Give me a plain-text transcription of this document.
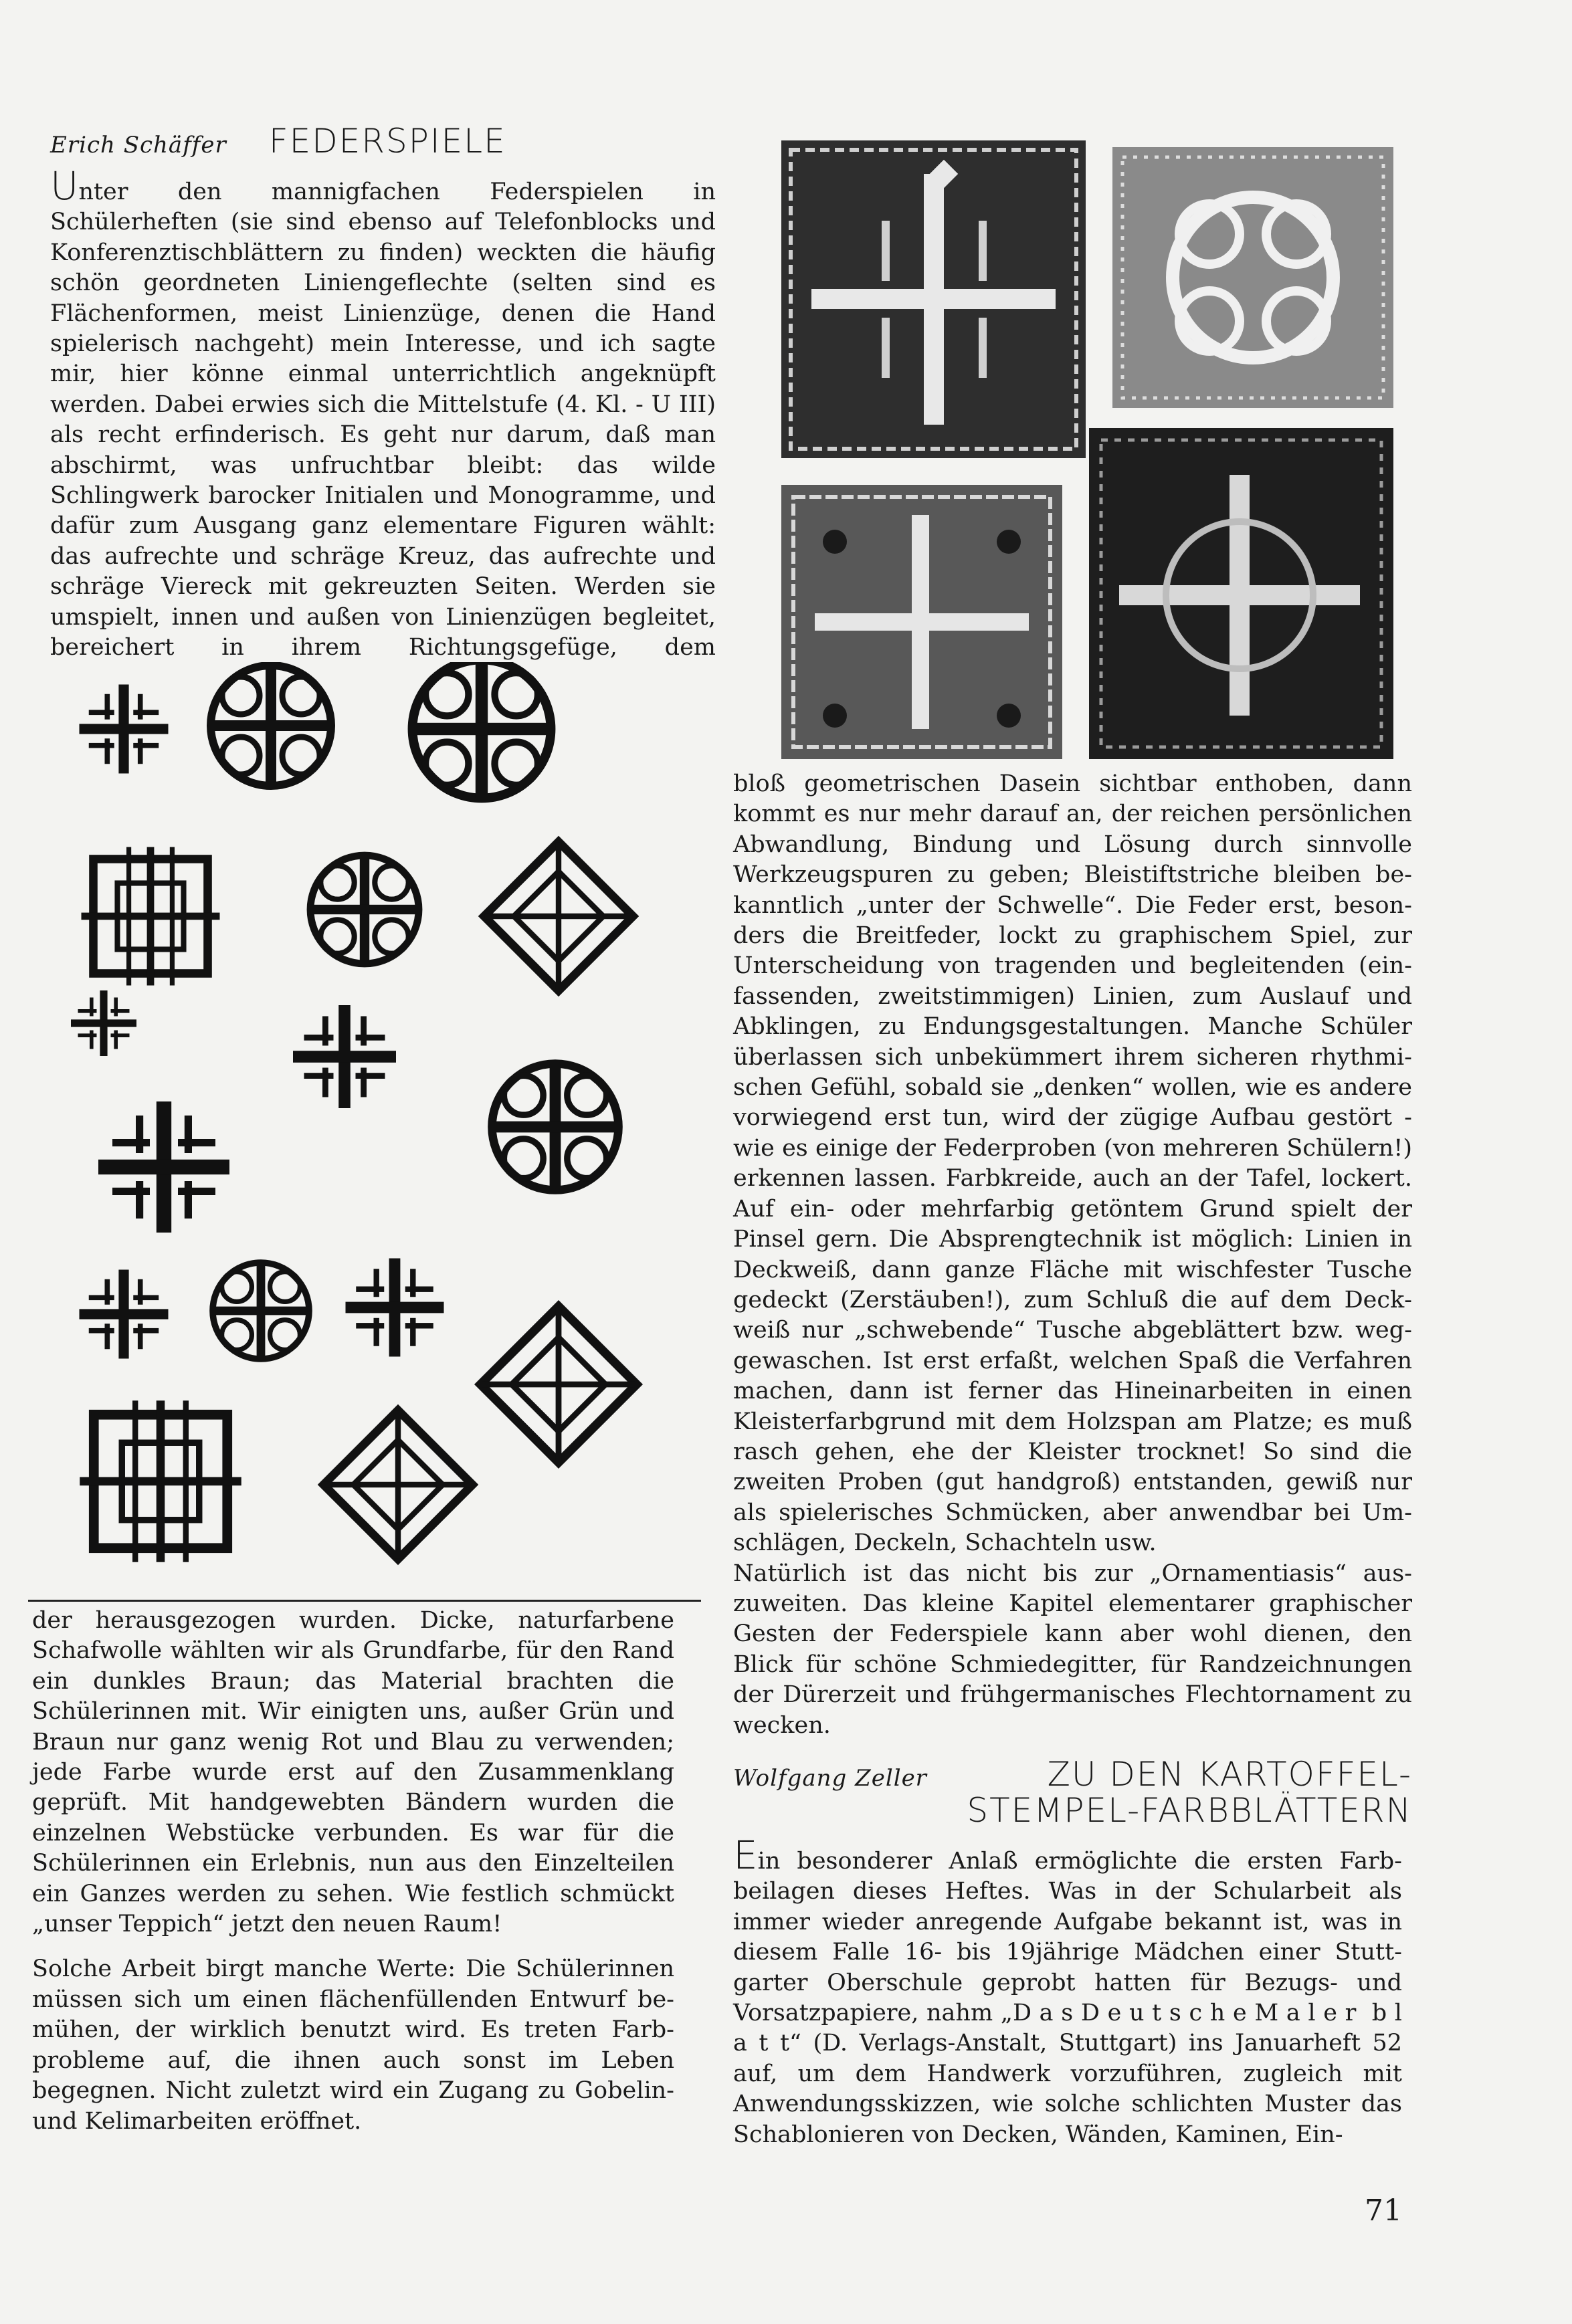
Erich Schäffer FEDERSPIELE

Unter den mannigfachen Federspielen in Schülerheften (sie sind ebenso auf Telefonblocks und Konferenztischblättern zu finden) weckten die häufig schön geordneten Liniengeflechte (selten sind es Flächenformen, meist Linienzüge, denen die Hand spielerisch nachgeht) mein Interesse, und ich sagte mir, hier könne einmal unterrichtlich angeknüpft werden. Dabei erwies sich die Mittelstufe (4. Kl. - U III) als recht erfinderisch. Es geht nur darum, daß man abschirmt, was unfruchtbar bleibt: das wilde Schlingwerk barocker Initialen und Monogramme, und dafür zum Ausgang ganz elementare Figuren wählt: das aufrechte und schräge Kreuz, das aufrechte und schräge Viereck mit gekreuzten Seiten. Werden sie umspielt, innen und außen von Linienzügen begleitet, bereichert in ihrem Richtungsgefüge, dem

der herausgezogen wurden. Dicke, naturfarbene Schafwolle wählten wir als Grundfarbe, für den Rand ein dunkles Braun; das Material brachten die Schülerinnen mit. Wir einigten uns, außer Grün und Braun nur ganz wenig Rot und Blau zu verwenden; jede Farbe wurde erst auf den Zusammenklang geprüft. Mit handgewebten Bändern wurden die einzelnen Webstücke verbunden. Es war für die Schülerinnen ein Erlebnis, nun aus den Einzelteilen ein Ganzes werden zu sehen. Wie festlich schmückt „unser Teppich“ jetzt den neuen Raum!

Solche Arbeit birgt manche Werte: Die Schülerinnen müssen sich um einen flächenfüllenden Entwurf bemühen, der wirklich benutzt wird. Es treten Farbprobleme auf, die ihnen auch sonst im Leben begegnen. Nicht zuletzt wird ein Zugang zu Gobelin- und Kelimarbeiten eröffnet.

bloß geometrischen Dasein sichtbar enthoben, dann kommt es nur mehr darauf an, der reichen persönlichen Abwandlung, Bindung und Lösung durch sinnvolle Werkzeugspuren zu geben; Bleistiftstriche bleiben bekanntlich „unter der Schwelle“. Die Feder erst, besonders die Breitfeder, lockt zu graphischem Spiel, zur Unterscheidung von tragenden und begleitenden (einfassenden, zweitstimmigen) Linien, zum Auslauf und Abklingen, zu Endungsgestaltungen. Manche Schüler überlassen sich unbekümmert ihrem sicheren rhythmischen Gefühl, sobald sie „denken“ wollen, wie es andere vorwiegend erst tun, wird der zügige Aufbau gestört - wie es einige der Federproben (von mehreren Schülern!) erkennen lassen. Farbkreide, auch an der Tafel, lockert. Auf ein- oder mehrfarbig getöntem Grund spielt der Pinsel gern. Die Absprengtechnik ist möglich: Linien in Deckweiß, dann ganze Fläche mit wischfester Tusche gedeckt (Zerstäuben!), zum Schluß die auf dem Deckweiß nur „schwebende“ Tusche abgeblättert bzw. weggewaschen. Ist erst erfaßt, welchen Spaß die Verfahren machen, dann ist ferner das Hineinarbeiten in einen Kleisterfarbgrund mit dem Holzspan am Platze; es muß rasch gehen, ehe der Kleister trocknet! So sind die zweiten Proben (gut handgroß) entstanden, gewiß nur als spielerisches Schmücken, aber anwendbar bei Umschlägen, Deckeln, Schachteln usw.

Natürlich ist das nicht bis zur „Ornamentiasis“ auszuweiten. Das kleine Kapitel elementarer graphischer Gesten der Federspiele kann aber wohl dienen, den Blick für schöne Schmiedegitter, für Randzeichnungen der Dürerzeit und frühgermanisches Flechtornament zu wecken.

Wolfgang Zeller	ZU DEN KARTOFFEL-
STEMPEL-FARBBLÄTTERN

Ein besonderer Anlaß ermöglichte die ersten Farbbeilagen dieses Heftes. Was in der Schularbeit als immer wieder anregende Aufgabe bekannt ist, was in diesem Falle 16- bis 19jährige Mädchen einer Stuttgarter Oberschule geprobt hatten für Bezugs- und Vorsatzpapiere, nahm „D a s D e u t s c h e M a l e r b l a t t“ (D. Verlags-Anstalt, Stuttgart) ins Januarheft 52 auf, um dem Handwerk vorzuführen, zugleich mit Anwendungsskizzen, wie solche schlichten Muster das Schablonieren von Decken, Wänden, Kaminen, Ein-

71
